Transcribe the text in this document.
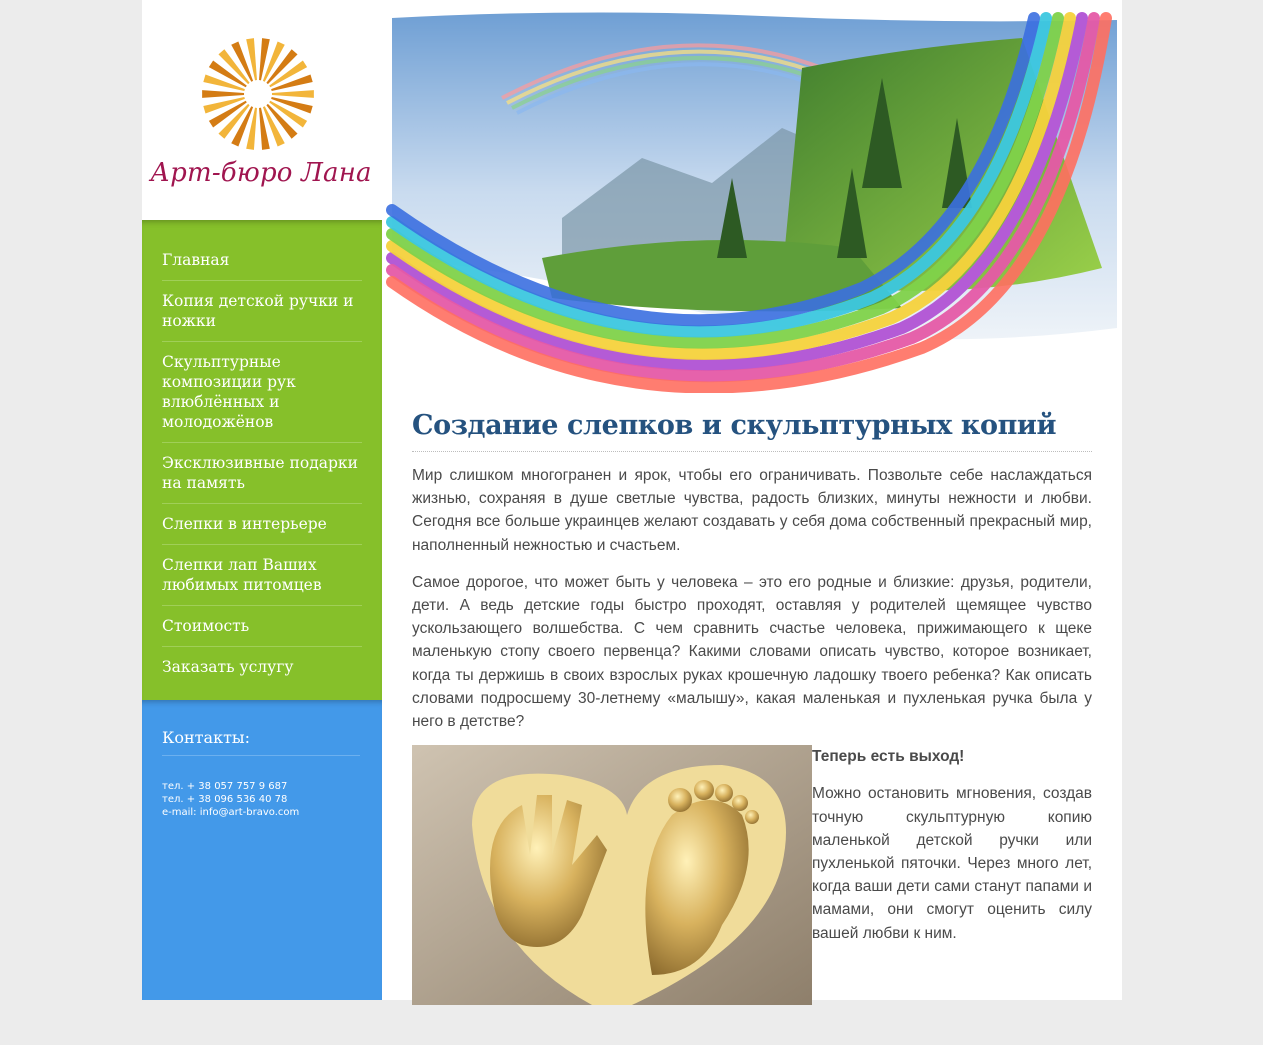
Арт-бюро Лана
Главная
Копия детской ручки и ножки
Скульптурные композиции рук влюблённых и молодожёнов
Эксклюзивные подарки на память
Слепки в интерьере
Слепки лап Ваших любимых питомцев
Стоимость
Заказать услугу
Контакты:
тел. + 38 057 757 9 687
тел. + 38 096 536 40 78
e-mail: info@art-bravo.com
Создание слепков и скульптурных копий

Мир слишком многогранен и ярок, чтобы его ограничивать. Позвольте себе наслаждаться жизнью, сохраняя в душе светлые чувства, радость близких, минуты нежности и любви. Сегодня все больше украинцев желают создавать у себя дома собственный прекрасный мир, наполненный нежностью и счастьем.

Самое дорогое, что может быть у человека – это его родные и близкие: друзья, родители, дети. А ведь детские годы быстро проходят, оставляя у родителей щемящее чувство ускользающего волшебства. С чем сравнить счастье человека, прижимающего к щеке маленькую стопу своего первенца? Какими словами описать чувство, которое возникает, когда ты держишь в своих взрослых руках крошечную ладошку твоего ребенка? Как описать словами подросшему 30-летнему «малышу», какая маленькая и пухленькая ручка была у него в детстве?

Теперь есть выход!

Можно остановить мгновения, создав точную скульптурную копию маленькой детской ручки или пухленькой пяточки. Через много лет, когда ваши дети сами станут папами и мамами, они смогут оценить силу вашей любви к ним.
